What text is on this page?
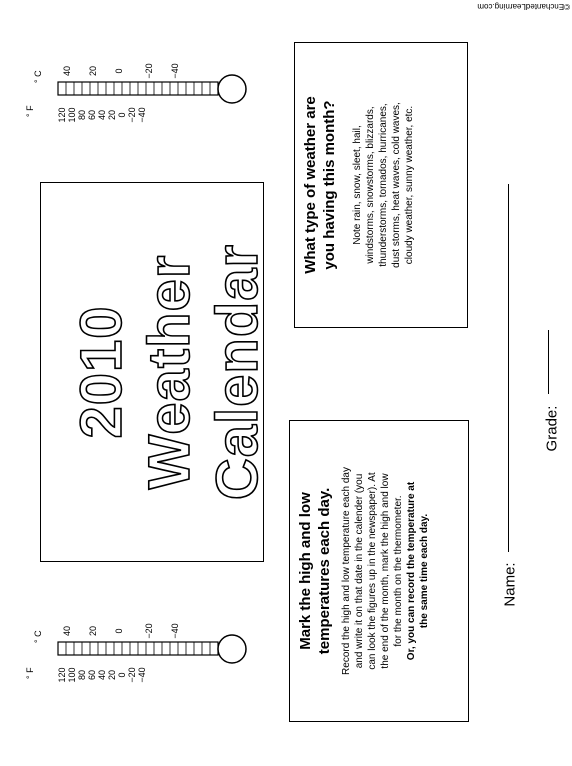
©EnchantedLearning.com
2010 Weather Calendar
Mark the high and low temperatures each day. Record the high and low temperature each day and write it on that date in the calender (you can look the figures up in the newspaper). At the end of the month, mark the high and low for the month on the thermometer. Or, you can record the temperature at the same time each day.
What type of weather are you having this month? Note rain, snow, sleet, hail, windstorms, snowstorms, blizzards, thunderstorms, tornados, hurricanes, dust storms, heat waves, cold waves, cloudy weather, sunny weather, etc.
° F
° C
120 100 80 60 40 20 0 −20 −40
40 20 0 −20 −40
° F
° C
120 100 80 60 40 20 0 −20 −40
40 20 0 −20 −40
Name:
Grade:
